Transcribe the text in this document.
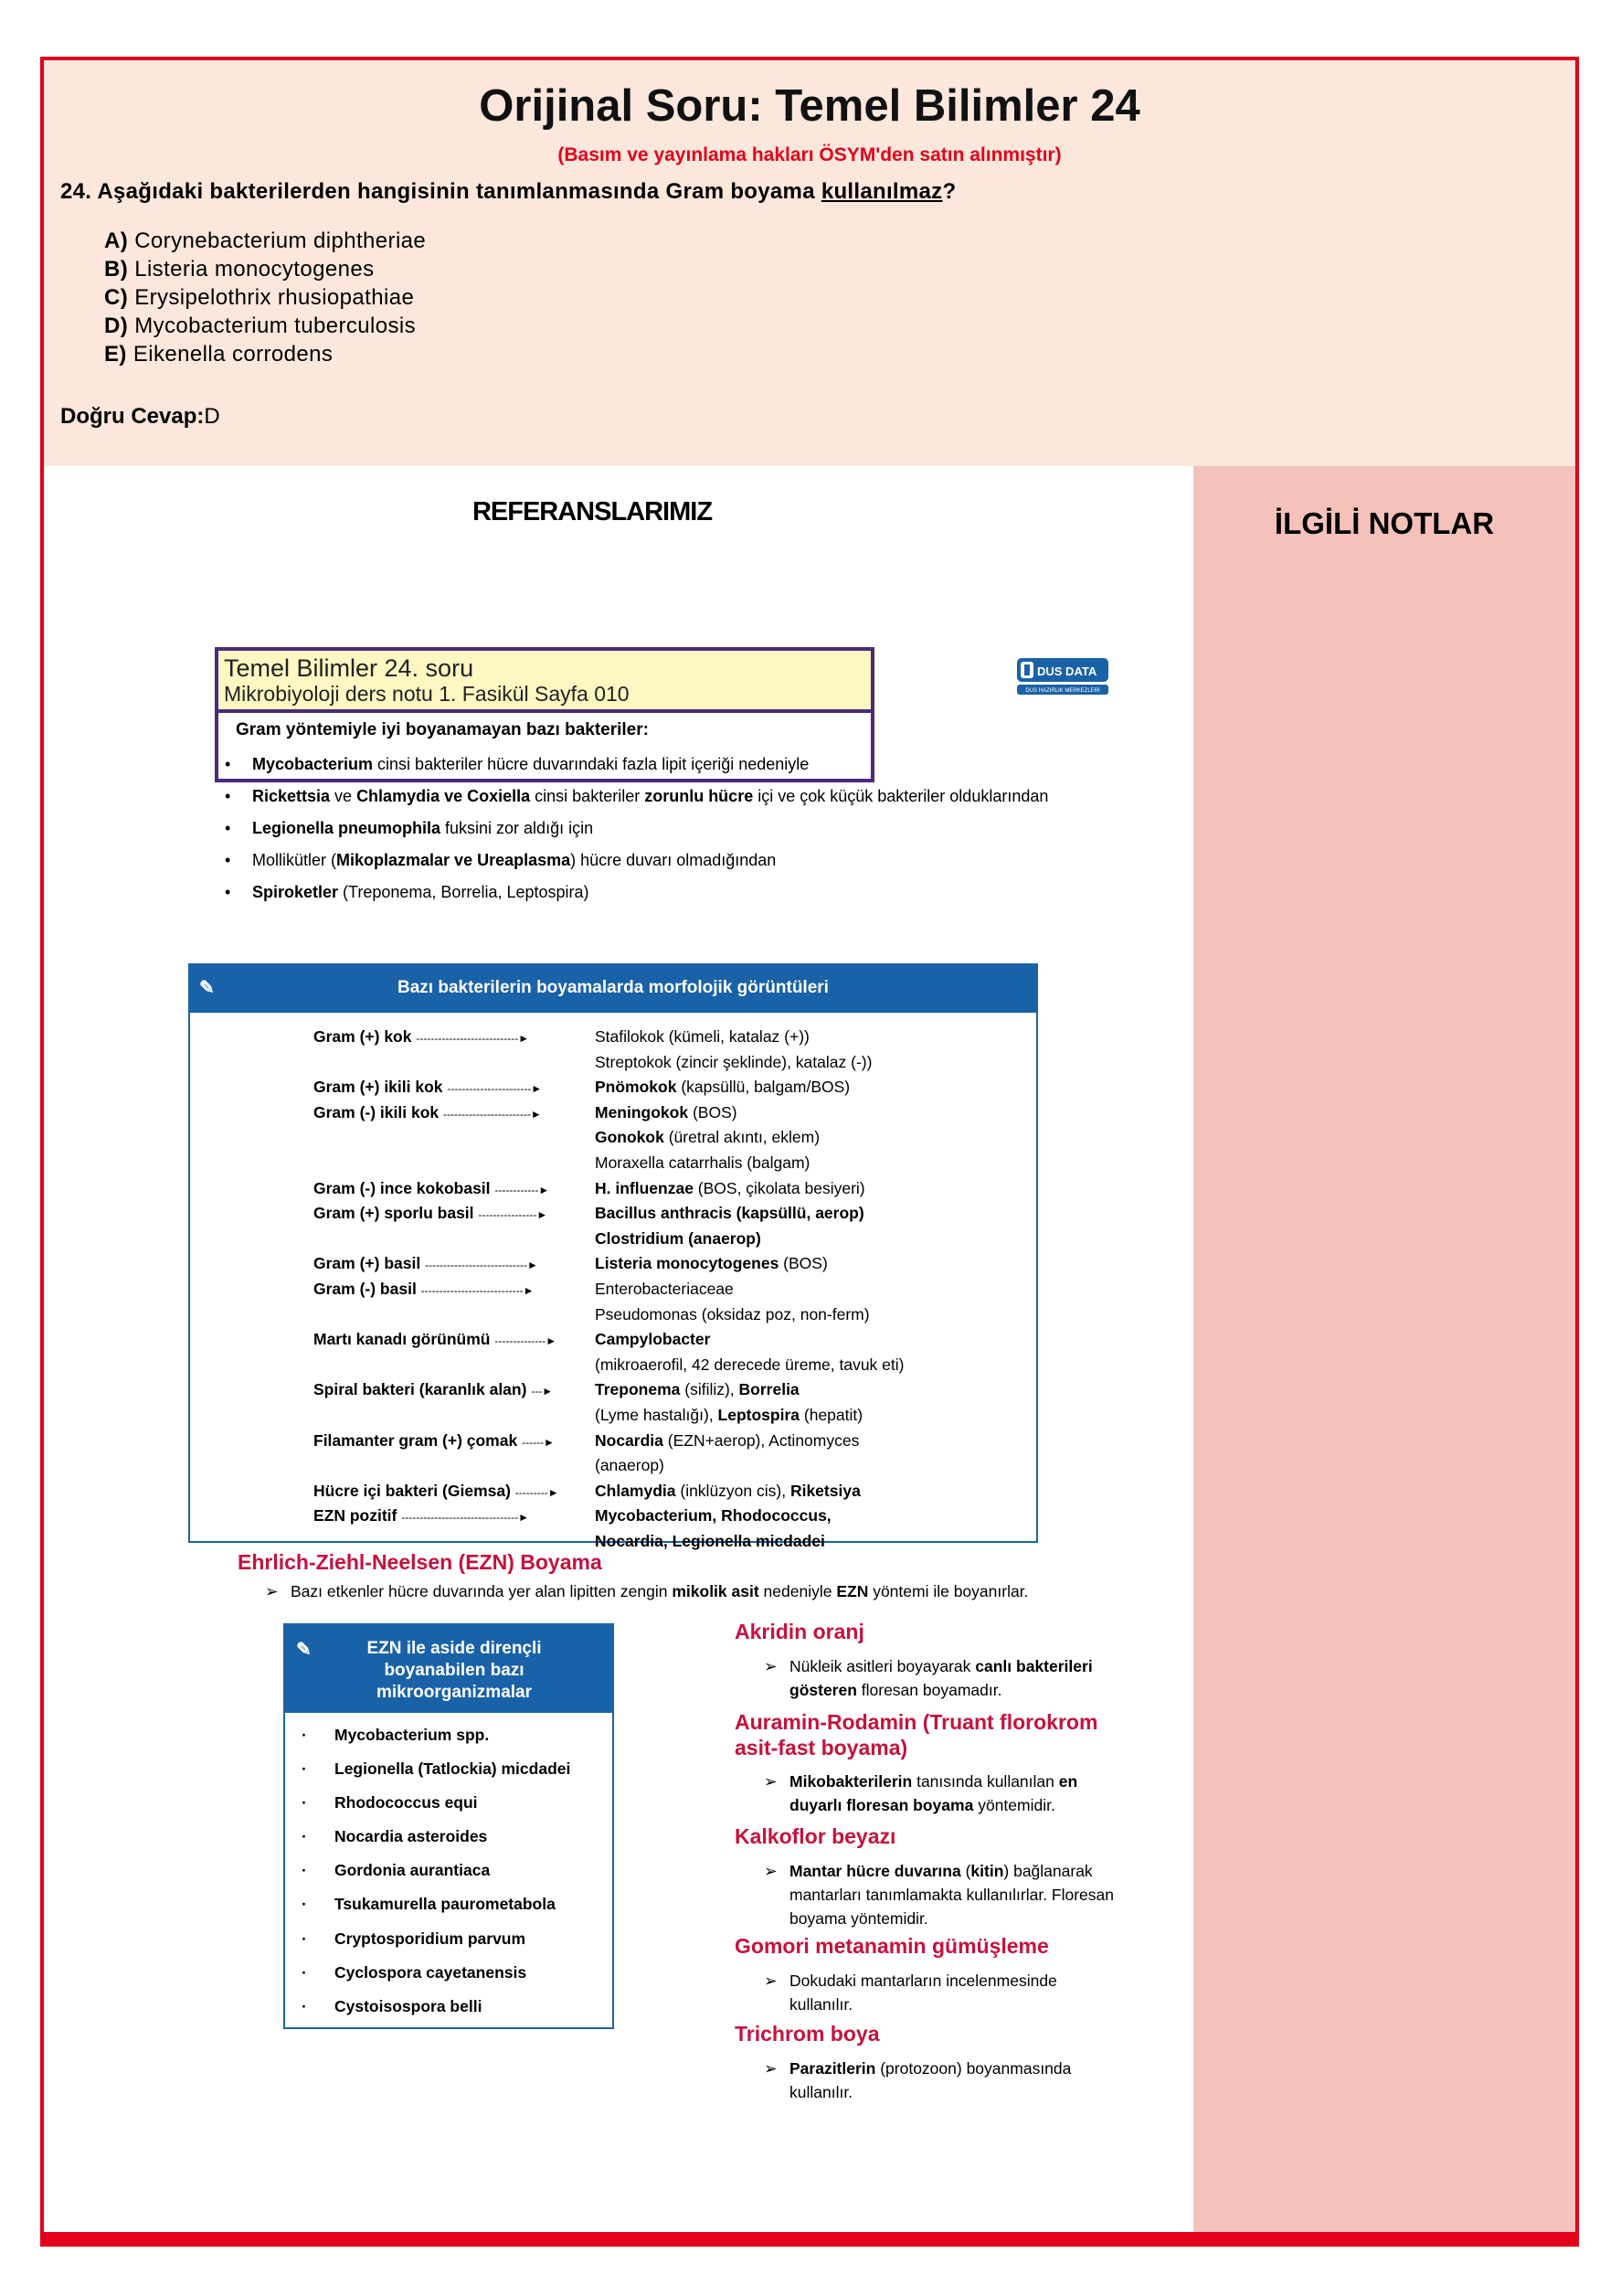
Orijinal Soru: Temel Bilimler 24
(Basım ve yayınlama hakları ÖSYM'den satın alınmıştır)
24. Aşağıdaki bakterilerden hangisinin tanımlanmasında Gram boyama kullanılmaz?
A) Corynebacterium diphtheriae
B) Listeria monocytogenes
C) Erysipelothrix rhusiopathiae
D) Mycobacterium tuberculosis
E) Eikenella corrodens
Doğru Cevap:D
REFERANSLARIMIZ	İLGİLİ NOTLAR
Temel Bilimler 24. soru
Mikrobiyoloji ders notu 1. Fasikül Sayfa 010
DUS DATA
DUS HAZIRLIK MERKEZLERİ
Gram yöntemiyle iyi boyanamayan bazı bakteriler:
• Mycobacterium cinsi bakteriler hücre duvarındaki fazla lipit içeriği nedeniyle
• Rickettsia ve Chlamydia ve Coxiella cinsi bakteriler zorunlu hücre içi ve çok küçük bakteriler olduklarından
• Legionella pneumophila fuksini zor aldığı için
• Mollikütler (Mikoplazmalar ve Ureaplasma) hücre duvarı olmadığından
• Spiroketler (Treponema, Borrelia, Leptospira)
✎	Bazı bakterilerin boyamalarda morfolojik görüntüleri
Gram (+) kok ----------------------------►	Stafilokok (kümeli, katalaz (+))
Streptokok (zincir şeklinde), katalaz (-))
Gram (+) ikili kok -----------------------►	Pnömokok (kapsüllü, balgam/BOS)
Gram (-) ikili kok ------------------------►	Meningokok (BOS)
Gonokok (üretral akıntı, eklem)
Moraxella catarrhalis (balgam)
Gram (-) ince kokobasil ------------►	H. influenzae (BOS, çikolata besiyeri)
Gram (+) sporlu basil ----------------►	Bacillus anthracis (kapsüllü, aerop)
Clostridium (anaerop)
Gram (+) basil ----------------------------►	Listeria monocytogenes (BOS)
Gram (-) basil ----------------------------►	Enterobacteriaceae
Pseudomonas (oksidaz poz, non-ferm)
Martı kanadı görünümü --------------► Campylobacter
(mikroaerofil, 42 derecede üreme, tavuk eti)
Spiral bakteri (karanlık alan) ---►	Treponema (sifiliz), Borrelia
(Lyme hastalığı), Leptospira (hepatit)
Filamanter gram (+) çomak ------►	Nocardia (EZN+aerop), Actinomyces
(anaerop)
Hücre içi bakteri (Giemsa) ---------► Chlamydia (inklüzyon cis), Riketsiya
EZN pozitif --------------------------------►	Mycobacterium, Rhodococcus,
Nocardia, Legionella micdadei
Ehrlich-Ziehl-Neelsen (EZN) Boyama
➢ Bazı etkenler hücre duvarında yer alan lipitten zengin mikolik asit nedeniyle EZN yöntemi ile boyanırlar.
✎	EZN ile aside dirençli boyanabilen bazı mikroorganizmalar
· Mycobacterium spp.
· Legionella (Tatlockia) micdadei
· Rhodococcus equi
· Nocardia asteroides
· Gordonia aurantiaca
· Tsukamurella paurometabola
· Cryptosporidium parvum
· Cyclospora cayetanensis
· Cystoisospora belli
Akridin oranj
➢ Nükleik asitleri boyayarak canlı bakterileri gösteren floresan boyamadır.
Auramin-Rodamin (Truant florokrom asit-fast boyama)
➢ Mikobakterilerin tanısında kullanılan en duyarlı floresan boyama yöntemidir.
Kalkoflor beyazı
➢ Mantar hücre duvarına (kitin) bağlanarak mantarları tanımlamakta kullanılırlar. Floresan boyama yöntemidir.
Gomori metanamin gümüşleme
➢ Dokudaki mantarların incelenmesinde kullanılır.
Trichrom boya
➢ Parazitlerin (protozoon) boyanmasında kullanılır.
